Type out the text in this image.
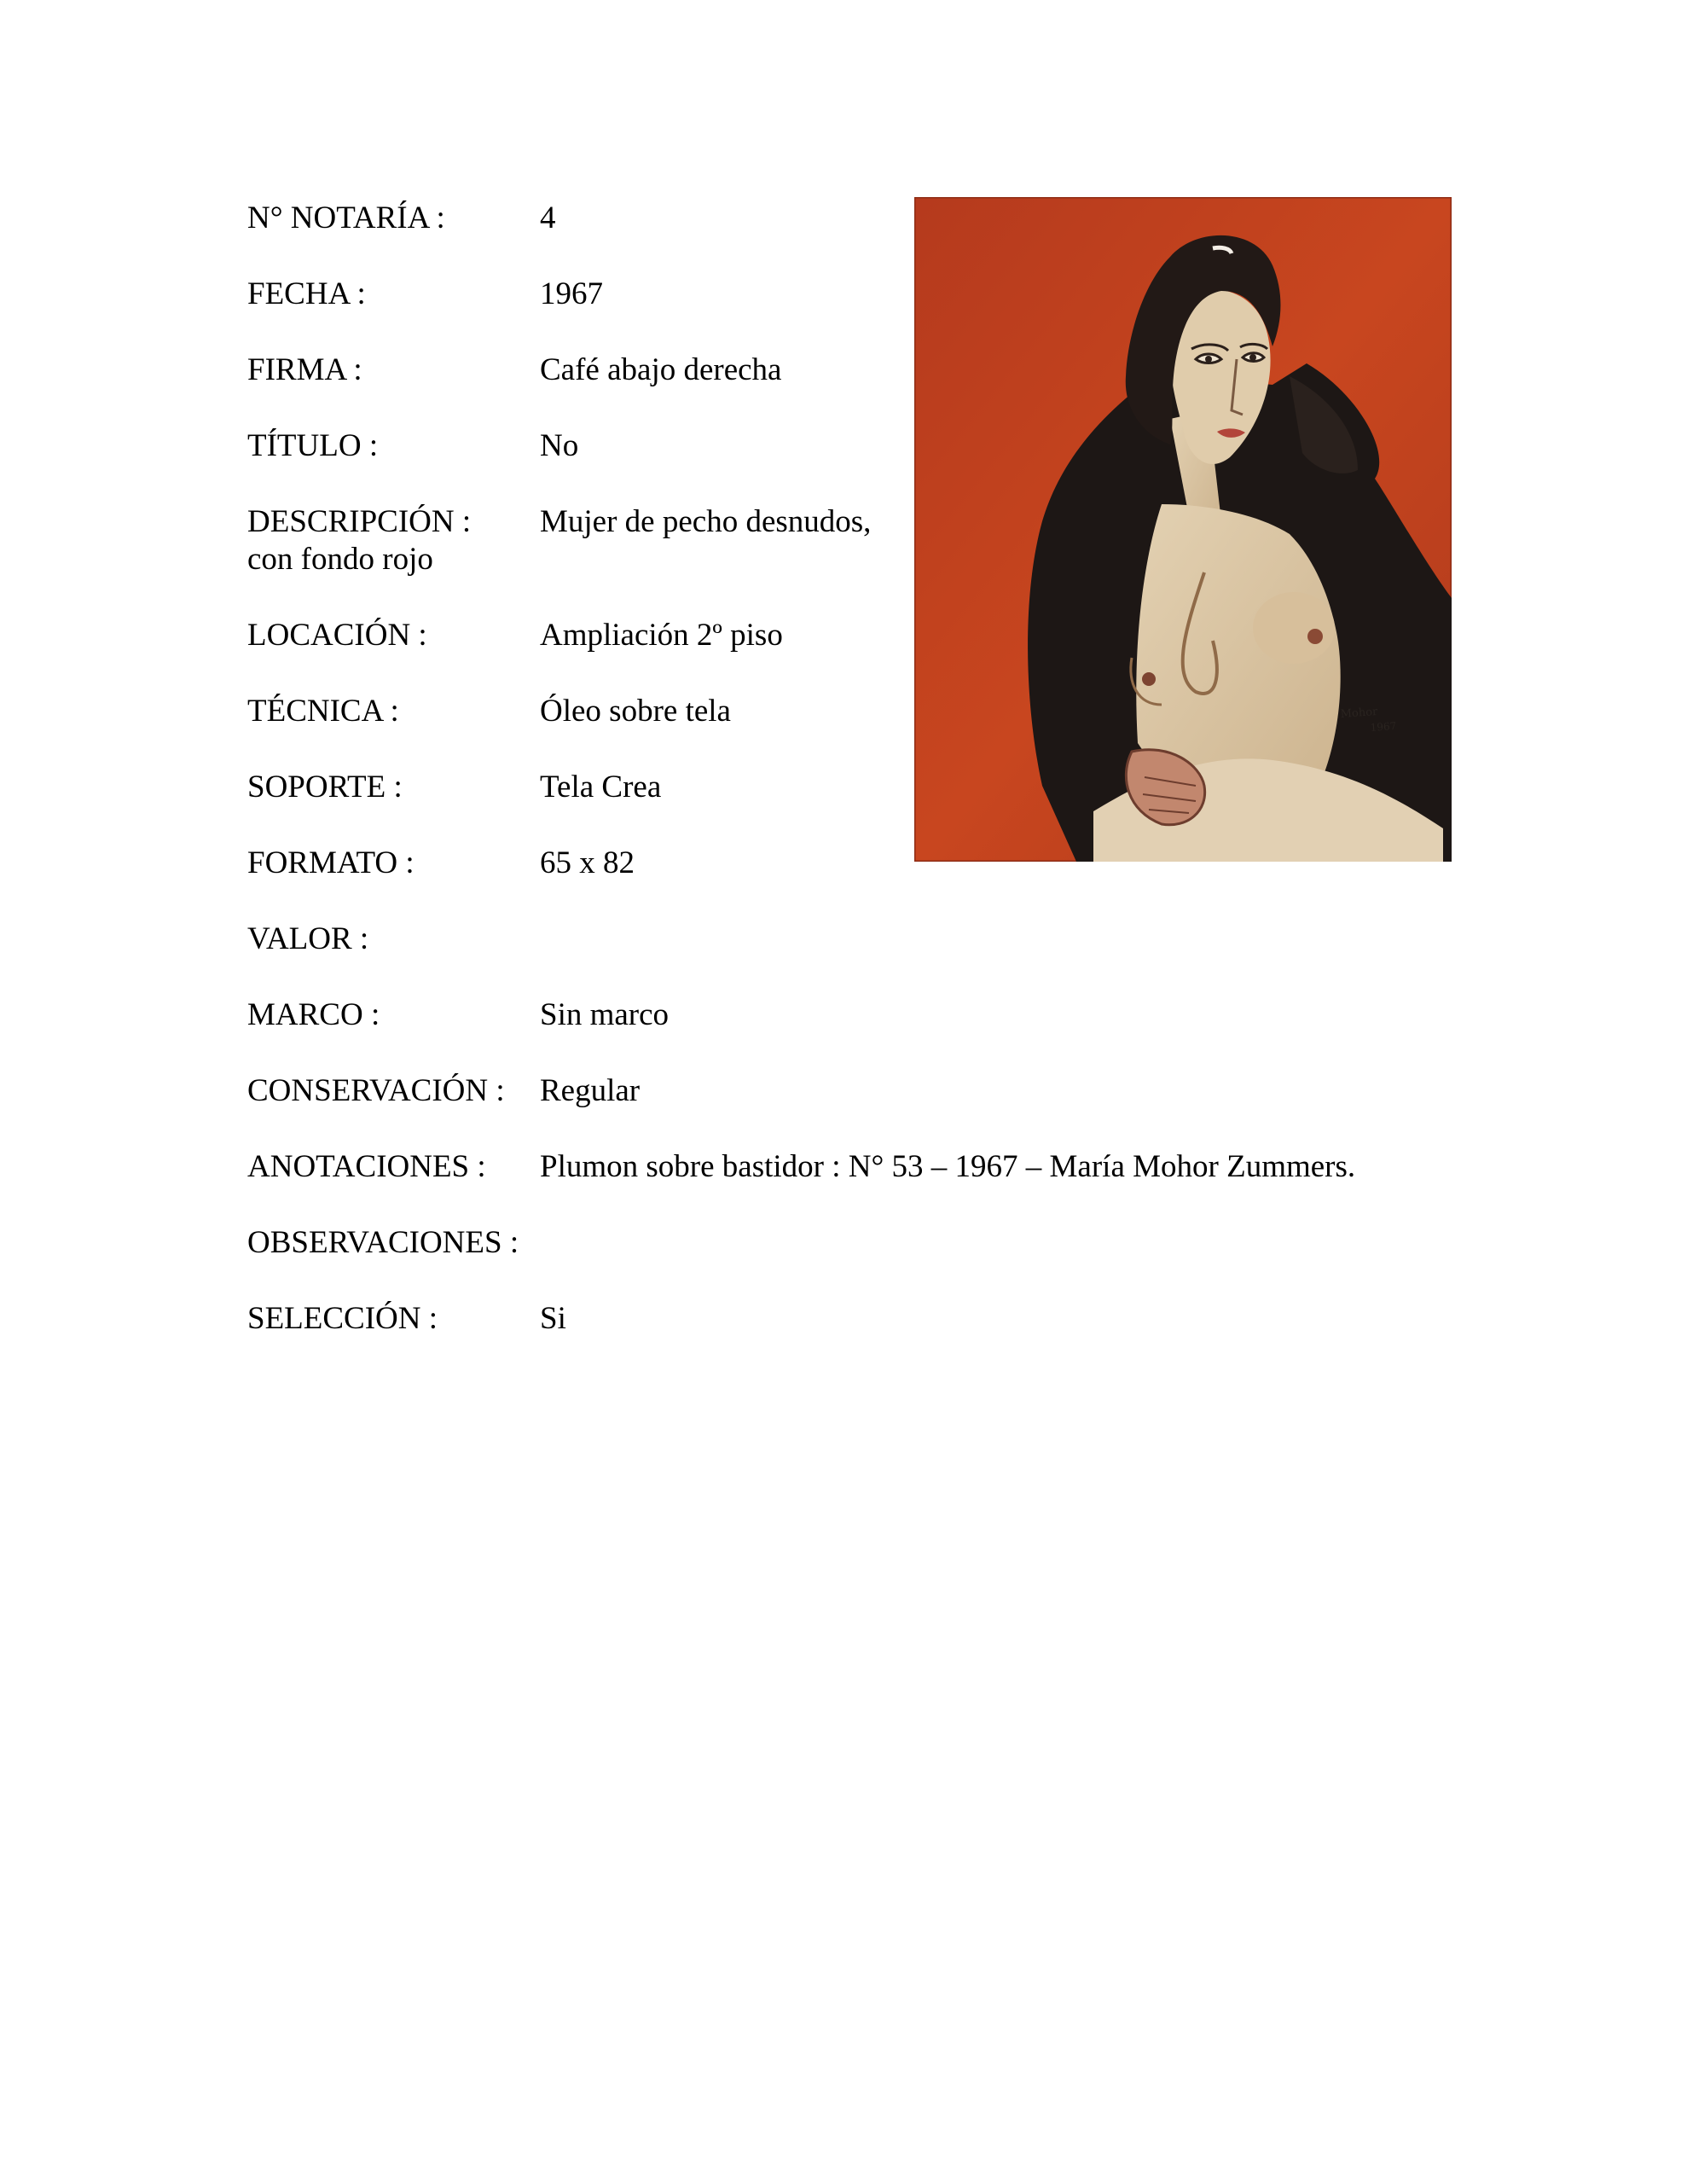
N° NOTARÍA :	4
FECHA :	1967
FIRMA :	Café abajo derecha
TÍTULO :	No
DESCRIPCIÓN : Mujer de pecho desnudos,
con fondo rojo
LOCACIÓN :	Ampliación 2º piso
TÉCNICA :	Óleo sobre tela
SOPORTE :	Tela Crea
FORMATO :	65 x 82
VALOR :
MARCO :	Sin marco
CONSERVACIÓN : Regular
ANOTACIONES : Plumon sobre bastidor : N° 53 – 1967 – María Mohor Zummers.
OBSERVACIONES :
SELECCIÓN :	Si
Mohor
1967
